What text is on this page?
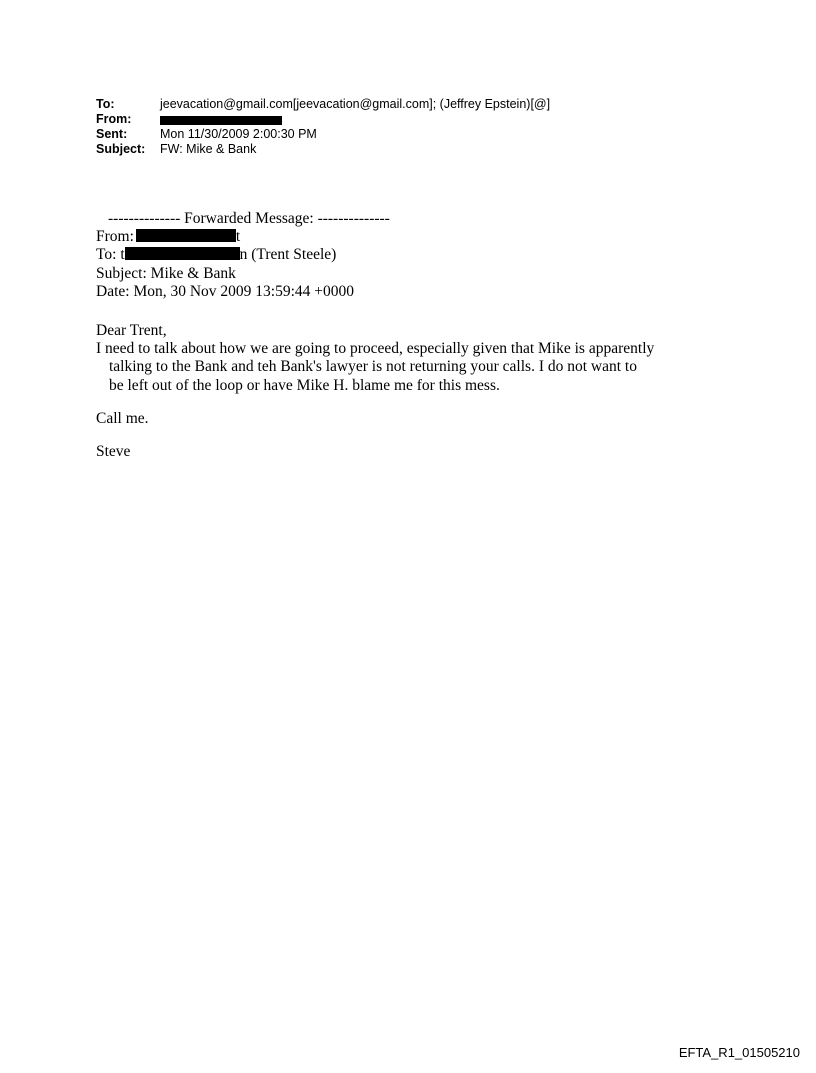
To:	jeevacation@gmail.com[jeevacation@gmail.com]; (Jeffrey Epstein)[@]
From:
Sent:	Mon 11/30/2009 2:00:30 PM
Subject:	FW: Mike & Bank
-------------- Forwarded Message: --------------
From:	t
To: t	n (Trent Steele)
Subject: Mike & Bank
Date: Mon, 30 Nov 2009 13:59:44 +0000

Dear Trent,

I need to talk about how we are going to proceed, especially given that Mike is apparently

talking to the Bank and teh Bank's lawyer is not returning your calls. I do not want to

be left out of the loop or have Mike H. blame me for this mess.

Call me.

Steve

EFTA_R1_01505210
